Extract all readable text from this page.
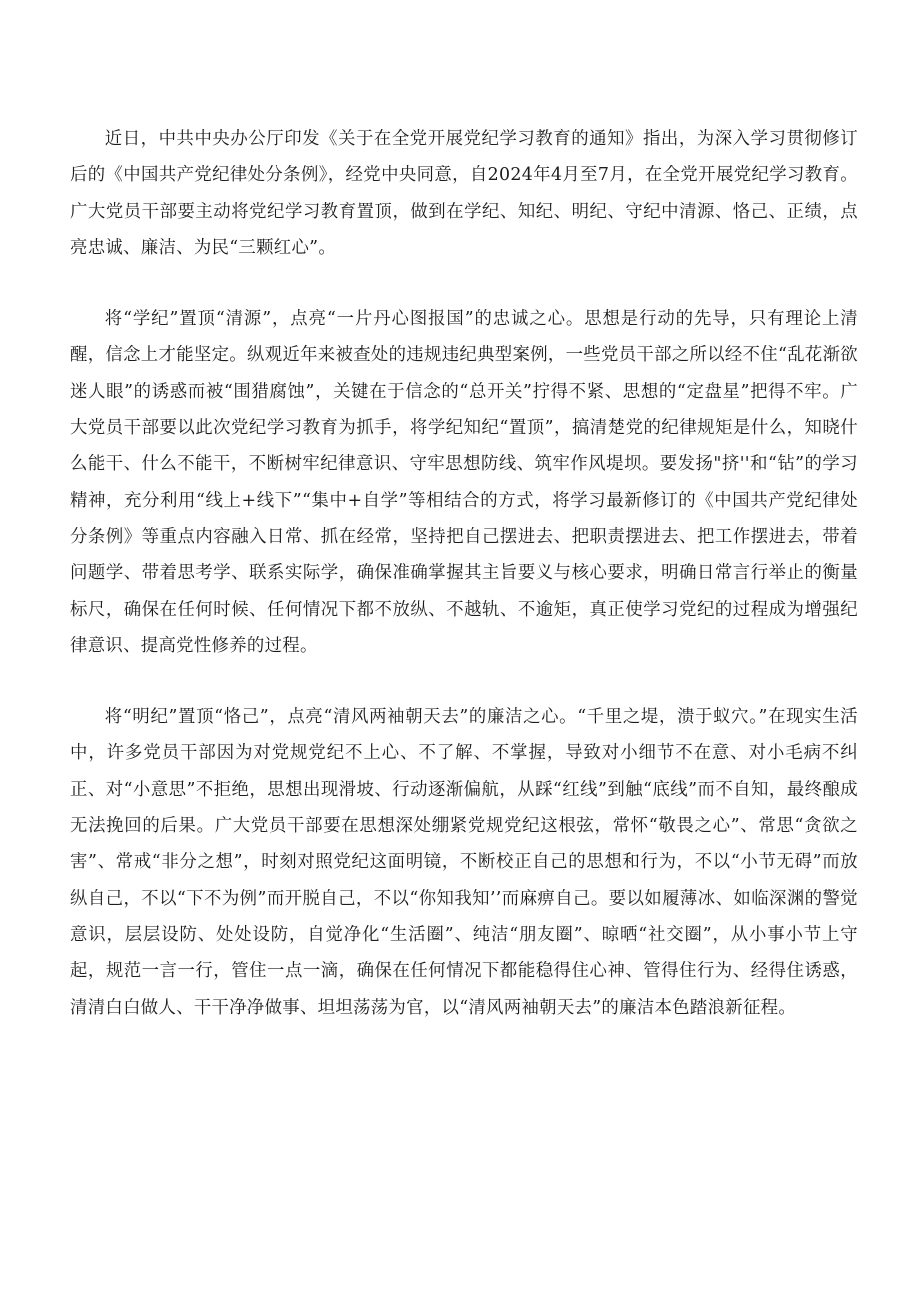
近日，中共中央办公厅印发《关于在全党开展党纪学习教育的通知》指出，为深入学习贯彻修订后的《中国共产党纪律处分条例》，经党中央同意，自2024年4月至7月，在全党开展党纪学习教育。广大党员干部要主动将党纪学习教育置顶，做到在学纪、知纪、明纪、守纪中清源、恪己、正绩，点亮忠诚、廉洁、为民“三颗红心”。

将“学纪”置顶“清源”，点亮“一片丹心图报国”的忠诚之心。思想是行动的先导，只有理论上清醒，信念上才能坚定。纵观近年来被查处的违规违纪典型案例，一些党员干部之所以经不住“乱花渐欲迷人眼”的诱惑而被“围猎腐蚀”，关键在于信念的“总开关”拧得不紧、思想的“定盘星”把得不牢。广大党员干部要以此次党纪学习教育为抓手，将学纪知纪“置顶”，搞清楚党的纪律规矩是什么，知晓什么能干、什么不能干，不断树牢纪律意识、守牢思想防线、筑牢作风堤坝。要发扬"挤''和“钻”的学习精神，充分利用“线上+线下”“集中+自学”等相结合的方式，将学习最新修订的《中国共产党纪律处分条例》等重点内容融入日常、抓在经常，坚持把自己摆进去、把职责摆进去、把工作摆进去，带着问题学、带着思考学、联系实际学，确保准确掌握其主旨要义与核心要求，明确日常言行举止的衡量标尺，确保在任何时候、任何情况下都不放纵、不越轨、不逾矩，真正使学习党纪的过程成为增强纪律意识、提高党性修养的过程。

将“明纪”置顶“恪己”，点亮“清风两袖朝天去”的廉洁之心。“千里之堤，溃于蚁穴。”在现实生活中，许多党员干部因为对党规党纪不上心、不了解、不掌握，导致对小细节不在意、对小毛病不纠正、对“小意思”不拒绝，思想出现滑坡、行动逐渐偏航，从踩“红线”到触“底线”而不自知，最终酿成无法挽回的后果。广大党员干部要在思想深处绷紧党规党纪这根弦，常怀“敬畏之心”、常思“贪欲之害”、常戒“非分之想”，时刻对照党纪这面明镜，不断校正自己的思想和行为，不以“小节无碍”而放纵自己，不以“下不为例”而开脱自己，不以“你知我知’’而麻痹自己。要以如履薄冰、如临深渊的警觉意识，层层设防、处处设防，自觉净化“生活圈”、纯洁“朋友圈”、晾晒“社交圈”，从小事小节上守起，规范一言一行，管住一点一滴，确保在任何情况下都能稳得住心神、管得住行为、经得住诱惑，清清白白做人、干干净净做事、坦坦荡荡为官，以“清风两袖朝天去”的廉洁本色踏浪新征程。
